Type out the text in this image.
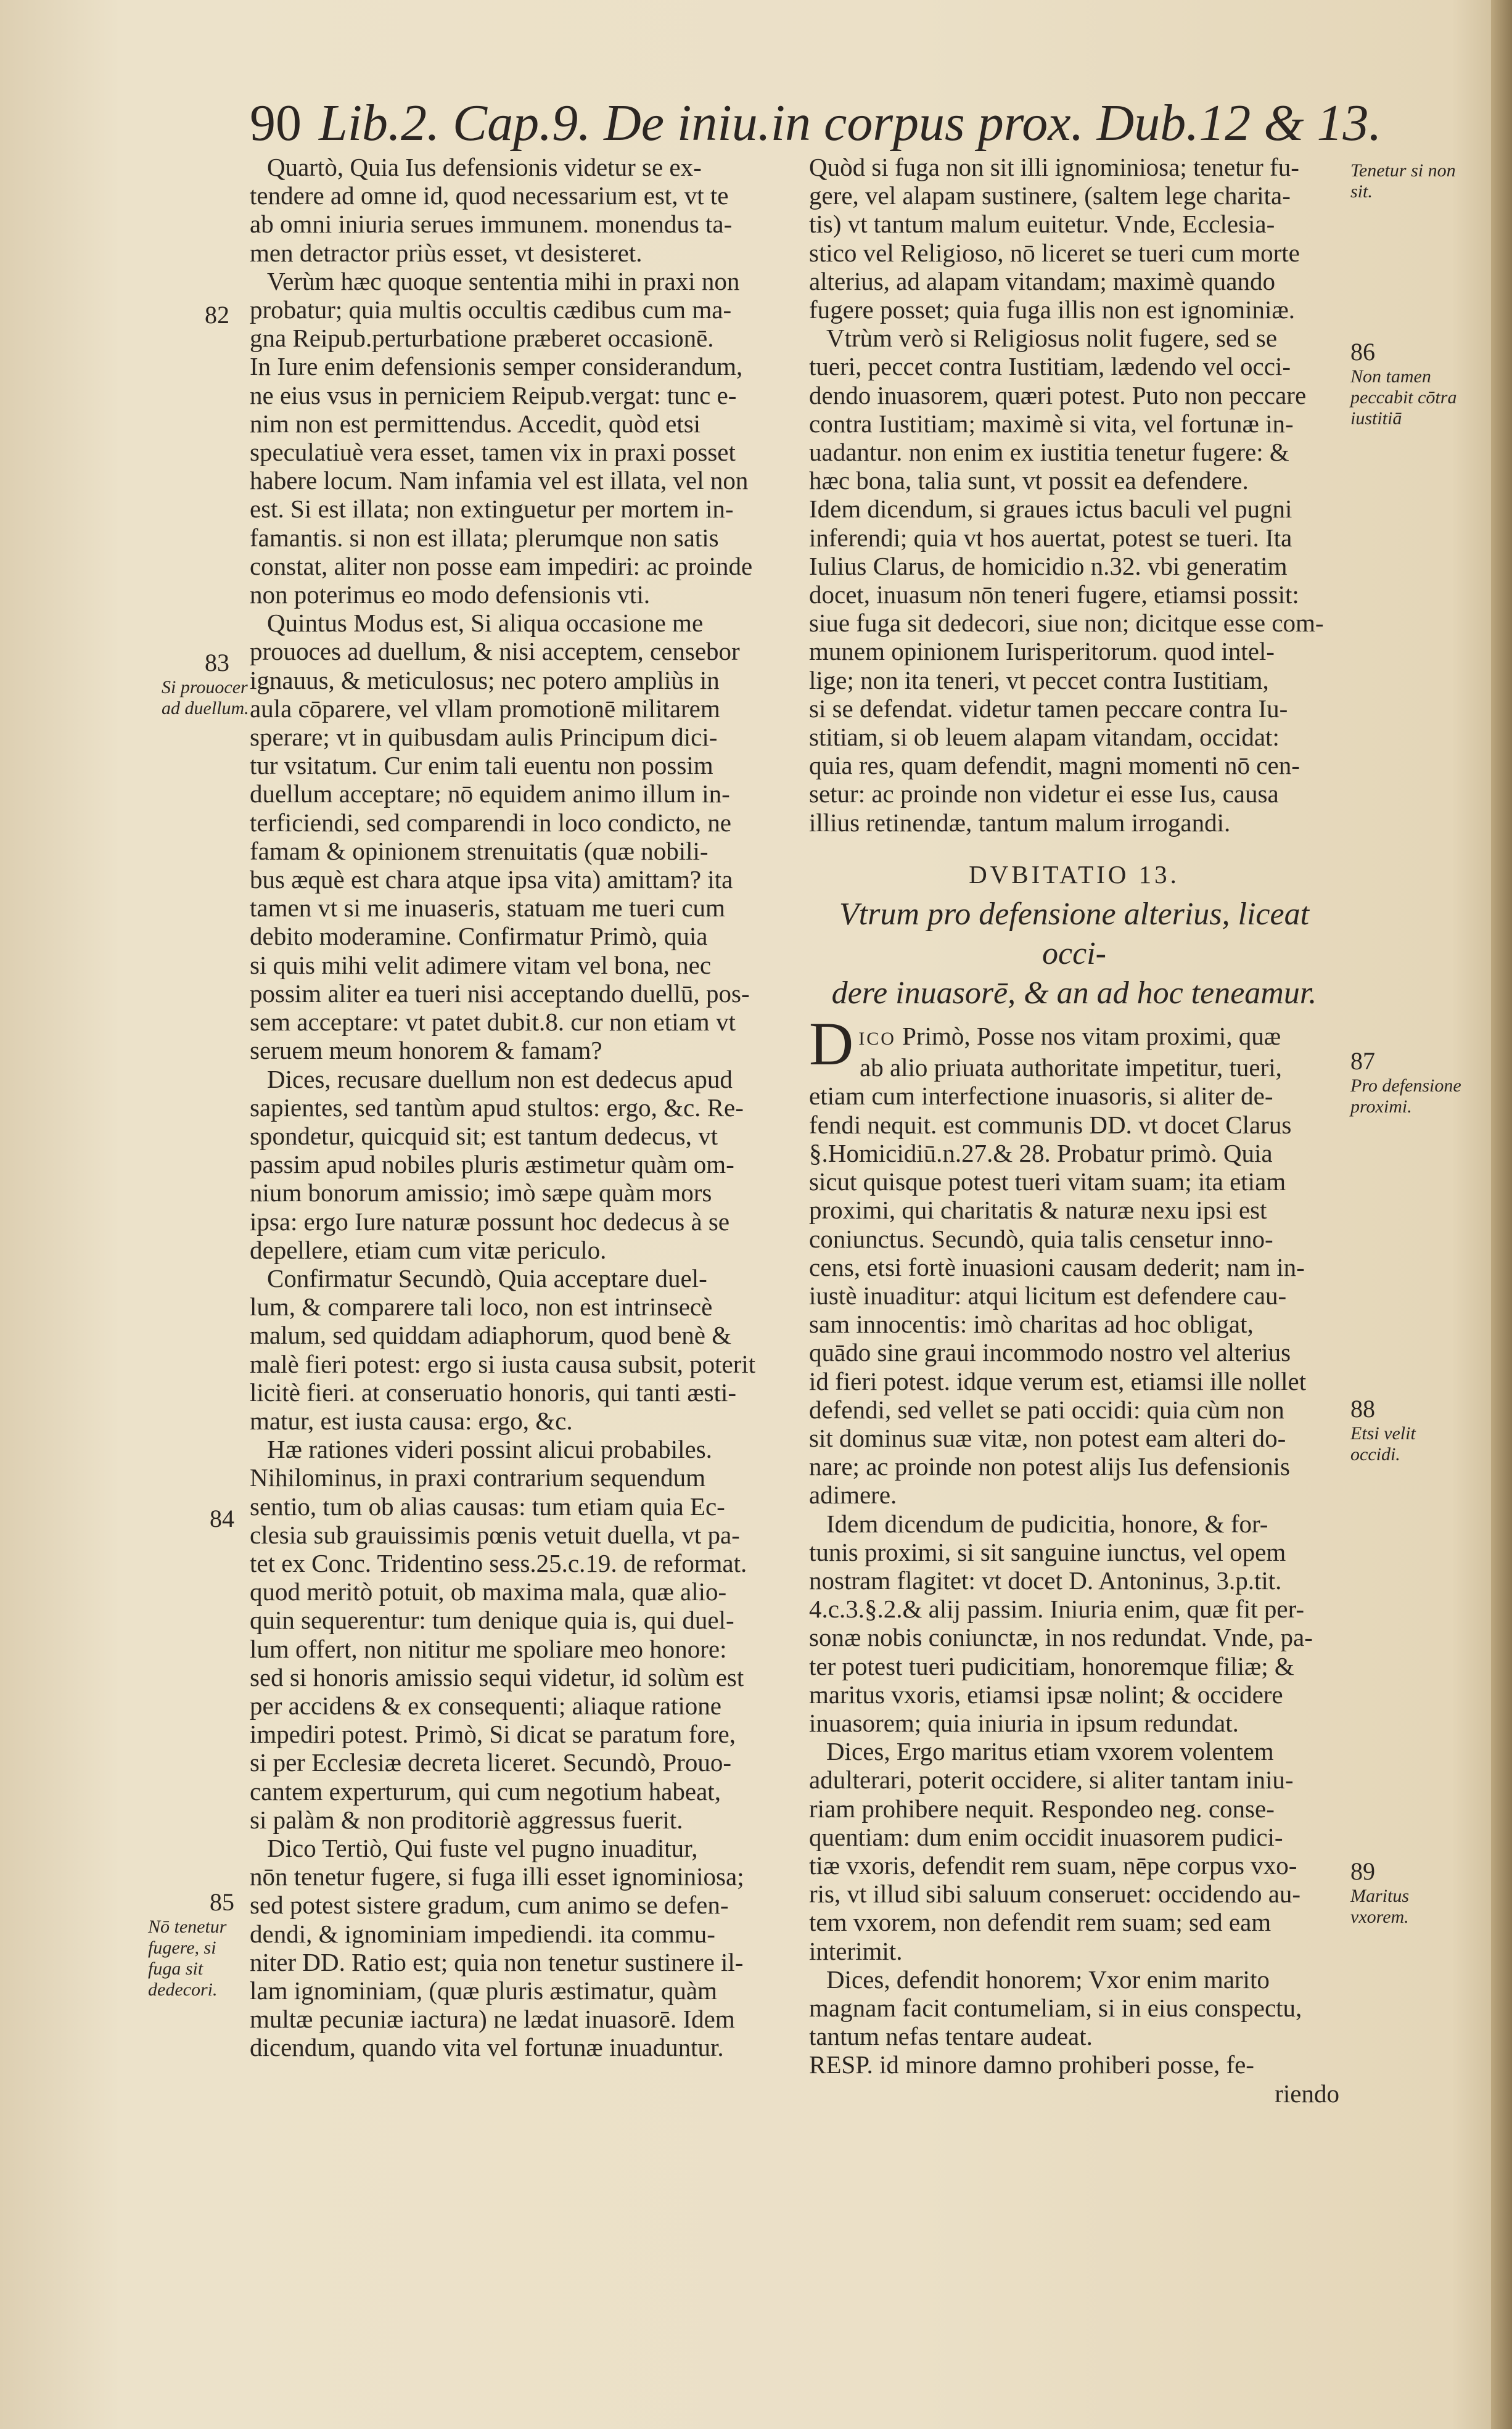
90 Lib.2. Cap.9. De iniu.in corpus prox. Dub.12 & 13.
Quartò, Quia Ius defensionis videtur se ex-
tendere ad omne id, quod necessarium est, vt te
ab omni iniuria serues immunem. monendus ta-
men detractor priùs esset, vt desisteret.
Verùm hæc quoque sententia mihi in praxi non
probatur; quia multis occultis cædibus cum ma-
gna Reipub.perturbatione præberet occasionē.
In Iure enim defensionis semper considerandum,
ne eius vsus in perniciem Reipub.vergat: tunc e-
nim non est permittendus. Accedit, quòd etsi
speculatiuè vera esset, tamen vix in praxi posset
habere locum. Nam infamia vel est illata, vel non
est. Si est illata; non extinguetur per mortem in-
famantis. si non est illata; plerumque non satis
constat, aliter non posse eam impediri: ac proinde
non poterimus eo modo defensionis vti.
Quintus Modus est, Si aliqua occasione me
prouoces ad duellum, & nisi acceptem, censebor
ignauus, & meticulosus; nec potero ampliùs in
aula cōparere, vel vllam promotionē militarem
sperare; vt in quibusdam aulis Principum dici-
tur vsitatum. Cur enim tali euentu non possim
duellum acceptare; nō equidem animo illum in-
terficiendi, sed comparendi in loco condicto, ne
famam & opinionem strenuitatis (quæ nobili-
bus æquè est chara atque ipsa vita) amittam? ita
tamen vt si me inuaseris, statuam me tueri cum
debito moderamine. Confirmatur Primò, quia
si quis mihi velit adimere vitam vel bona, nec
possim aliter ea tueri nisi acceptando duellū, pos-
sem acceptare: vt patet dubit.8. cur non etiam vt
seruem meum honorem & famam?
Dices, recusare duellum non est dedecus apud
sapientes, sed tantùm apud stultos: ergo, &c. Re-
spondetur, quicquid sit; est tantum dedecus, vt
passim apud nobiles pluris æstimetur quàm om-
nium bonorum amissio; imò sæpe quàm mors
ipsa: ergo Iure naturæ possunt hoc dedecus à se
depellere, etiam cum vitæ periculo.
Confirmatur Secundò, Quia acceptare duel-
lum, & comparere tali loco, non est intrinsecè
malum, sed quiddam adiaphorum, quod benè &
malè fieri potest: ergo si iusta causa subsit, poterit
licitè fieri. at conseruatio honoris, qui tanti æsti-
matur, est iusta causa: ergo, &c.
Hæ rationes videri possint alicui probabiles.
Nihilominus, in praxi contrarium sequendum
sentio, tum ob alias causas: tum etiam quia Ec-
clesia sub grauissimis pœnis vetuit duella, vt pa-
tet ex Conc. Tridentino sess.25.c.19. de reformat.
quod meritò potuit, ob maxima mala, quæ alio-
quin sequerentur: tum denique quia is, qui duel-
lum offert, non nititur me spoliare meo honore:
sed si honoris amissio sequi videtur, id solùm est
per accidens & ex consequenti; aliaque ratione
impediri potest. Primò, Si dicat se paratum fore,
si per Ecclesiæ decreta liceret. Secundò, Prouo-
cantem experturum, qui cum negotium habeat,
si palàm & non proditoriè aggressus fuerit.
Dico Tertiò, Qui fuste vel pugno inuaditur,
nōn tenetur fugere, si fuga illi esset ignominiosa;
sed potest sistere gradum, cum animo se defen-
dendi, & ignominiam impediendi. ita commu-
niter DD. Ratio est; quia non tenetur sustinere il-
lam ignominiam, (quæ pluris æstimatur, quàm
multæ pecuniæ iactura) ne lædat inuasorē. Idem
dicendum, quando vita vel fortunæ inuaduntur.
Quòd si fuga non sit illi ignominiosa; tenetur fu-
gere, vel alapam sustinere, (saltem lege charita-
tis) vt tantum malum euitetur. Vnde, Ecclesia-
stico vel Religioso, nō liceret se tueri cum morte
alterius, ad alapam vitandam; maximè quando
fugere posset; quia fuga illis non est ignominiæ.
Vtrùm verò si Religiosus nolit fugere, sed se
tueri, peccet contra Iustitiam, lædendo vel occi-
dendo inuasorem, quæri potest. Puto non peccare
contra Iustitiam; maximè si vita, vel fortunæ in-
uadantur. non enim ex iustitia tenetur fugere: &
hæc bona, talia sunt, vt possit ea defendere.
Idem dicendum, si graues ictus baculi vel pugni
inferendi; quia vt hos auertat, potest se tueri. Ita
Iulius Clarus, de homicidio n.32. vbi generatim
docet, inuasum nōn teneri fugere, etiamsi possit:
siue fuga sit dedecori, siue non; dicitque esse com-
munem opinionem Iurisperitorum. quod intel-
lige; non ita teneri, vt peccet contra Iustitiam,
si se defendat. videtur tamen peccare contra Iu-
stitiam, si ob leuem alapam vitandam, occidat:
quia res, quam defendit, magni momenti nō cen-
setur: ac proinde non videtur ei esse Ius, causa
illius retinendæ, tantum malum irrogandi.
DVBITATIO 13.
Vtrum pro defensione alterius, liceat occi-
dere inuasorē, & an ad hoc teneamur.
DICO Primò, Posse nos vitam proximi, quæ
ab alio priuata authoritate impetitur, tueri,
etiam cum interfectione inuasoris, si aliter de-
fendi nequit. est communis DD. vt docet Clarus
§.Homicidiū.n.27.& 28. Probatur primò. Quia
sicut quisque potest tueri vitam suam; ita etiam
proximi, qui charitatis & naturæ nexu ipsi est
coniunctus. Secundò, quia talis censetur inno-
cens, etsi fortè inuasioni causam dederit; nam in-
iustè inuaditur: atqui licitum est defendere cau-
sam innocentis: imò charitas ad hoc obligat,
quādo sine graui incommodo nostro vel alterius
id fieri potest. idque verum est, etiamsi ille nollet
defendi, sed vellet se pati occidi: quia cùm non
sit dominus suæ vitæ, non potest eam alteri do-
nare; ac proinde non potest alijs Ius defensionis
adimere.
Idem dicendum de pudicitia, honore, & for-
tunis proximi, si sit sanguine iunctus, vel opem
nostram flagitet: vt docet D. Antoninus, 3.p.tit.
4.c.3.§.2.& alij passim. Iniuria enim, quæ fit per-
sonæ nobis coniunctæ, in nos redundat. Vnde, pa-
ter potest tueri pudicitiam, honoremque filiæ; &
maritus vxoris, etiamsi ipsæ nolint; & occidere
inuasorem; quia iniuria in ipsum redundat.
Dices, Ergo maritus etiam vxorem volentem
adulterari, poterit occidere, si aliter tantam iniu-
riam prohibere nequit. Respondeo neg. conse-
quentiam: dum enim occidit inuasorem pudici-
tiæ vxoris, defendit rem suam, nēpe corpus vxo-
ris, vt illud sibi saluum conseruet: occidendo au-
tem vxorem, non defendit rem suam; sed eam
interimit.
Dices, defendit honorem; Vxor enim marito
magnam facit contumeliam, si in eius conspectu,
tantum nefas tentare audeat.
RESP. id minore damno prohiberi posse, fe-
riendo
82
83
Si prouocer ad duellum.
84
85
Nō tenetur fugere, si fuga sit dedecori.
Tenetur si non sit.
86
Non tamen peccabit cōtra iustitiā
87
Pro defensione proximi.
88
Etsi velit occidi.
89
Maritus vxorem.
